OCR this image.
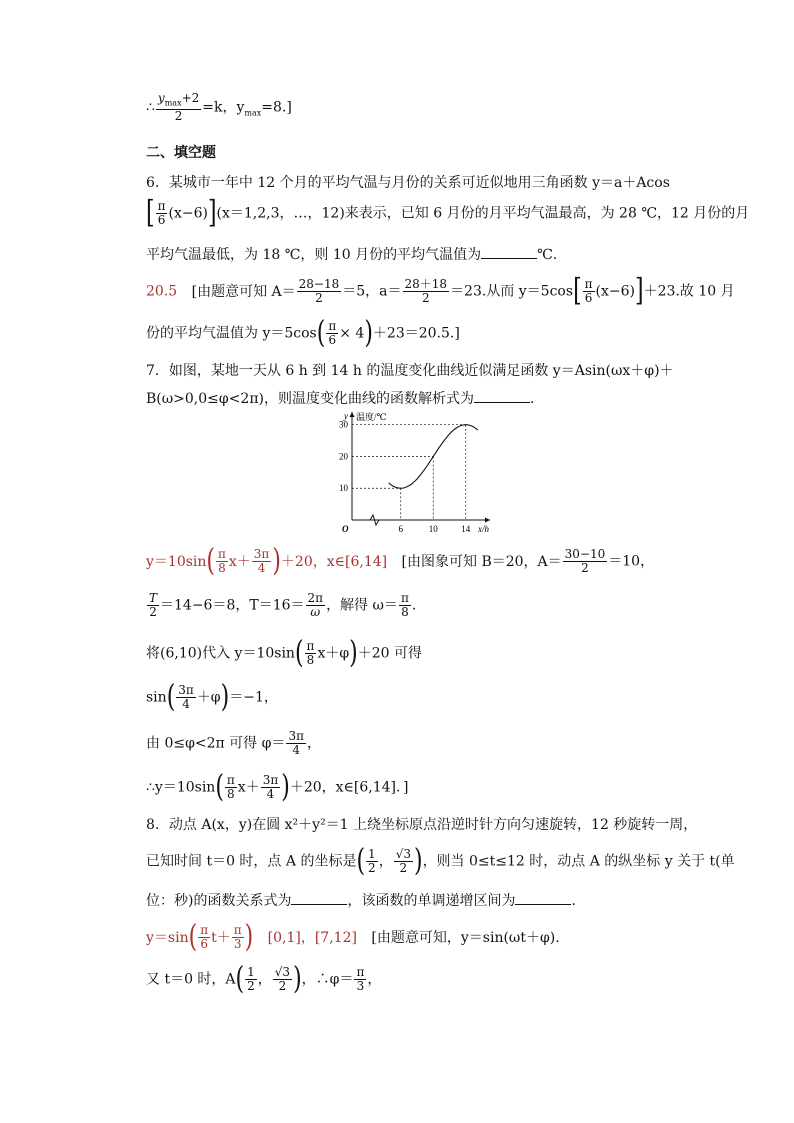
∴ $\frac{y_{max}+2}{2} =k$，$y_{max}=8$.]
二、填空题
6．某城市一年中 12 个月的平均气温与月份的关系可近似地用三角函数 y＝a＋Acos
[ $\frac{\pi}{6} (x-6)](x=1,2,3$，…，12)来表示，已知 6 月份的月平均气温最高，为 28 ℃，12 月份的月
平均气温最低，为 18 ℃，则 10 月份的平均气温值为	℃.
20.5 [由题意可知 $A= \frac{28-18}{2} =5$，$a= \frac{28+18}{2} =23$.从而 $y=5\cos[ \frac{\pi}{6} (x-6)]+23$.故 10 月
份的平均气温值为 $y=5\cos( \frac{\pi}{6} \times 4)+23=20.5$.]
7．如图，某地一天从 6 h 到 14 h 的温度变化曲线近似满足函数 y＝Asin(ωx＋φ)＋
B(ω>0,0≤φ<2π)，则温度变化曲线的函数解析式为	.
y 温度/℃
x/h
O	6	10	14
10
20
30
$y=10\sin( \frac{\pi}{8} x+ \frac{3\pi}{4} )+20$，x∈[6,14] [由图象可知 B＝20，$A= \frac{30-10}{2} =10$，
$\frac{T}{2} =14-6=8$，$T=16= \frac{2\pi}{\omega}$ ，解得 $\omega= \frac{\pi}{8}$ .
将(6,10)代入 $y=10\sin( \frac{\pi}{8} x+\varphi)+20$ 可得
$\sin( \frac{3\pi}{4} +\varphi)=-1$，
由 0≤φ<2π 可得 $\varphi= \frac{3\pi}{4}$ ，
∴y＝10sin( $\frac{\pi}{8} x+ \frac{3\pi}{4} )+20$，x∈[6,14]．]
8．动点 A(x，y)在圆 x²＋y²＝1 上绕坐标原点沿逆时针方向匀速旋转，12 秒旋转一周，
已知时间 t＝0 时，点 A 的坐标是( $\frac{1}{2}$ ， $\frac{√3}{2}$ )，则当 0≤t≤12 时，动点 A 的纵坐标 y 关于 t(单
位：秒)的函数关系式为	，该函数的单调递增区间为	.
$y=\sin( \frac{\pi}{6} t+ \frac{\pi}{3}$ ) [0,1]，[7,12] [由题意可知，y＝sin(ωt＋φ).
又 t＝0 时，$A( \frac{1}{2}$ ， $\frac{√3}{2}$ )，∴φ＝ $\frac{\pi}{3}$ ，
